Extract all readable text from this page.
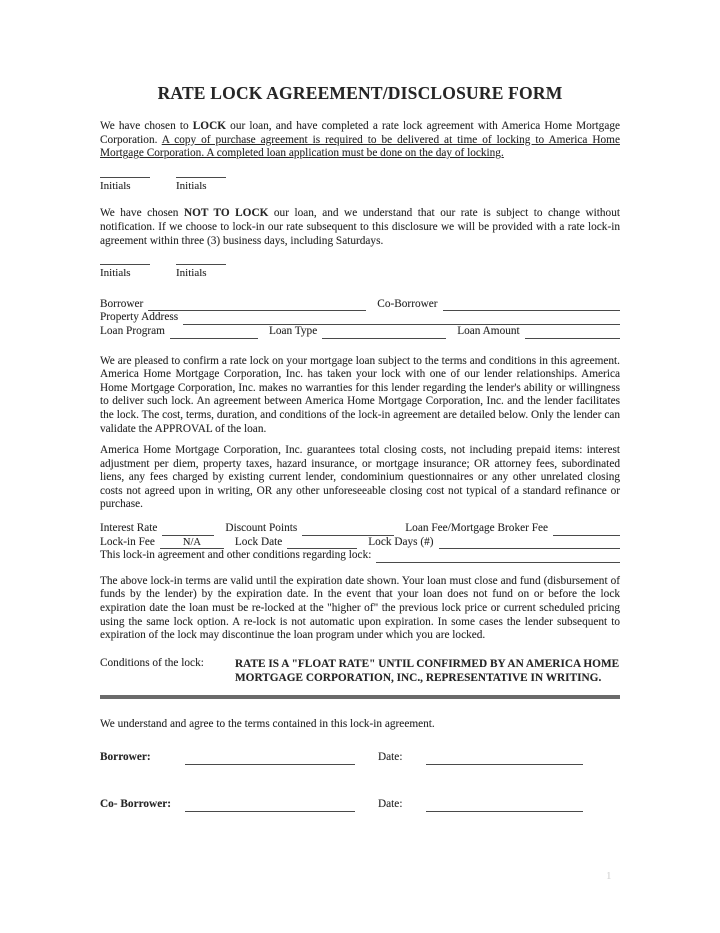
RATE LOCK AGREEMENT/DISCLOSURE FORM

We have chosen to LOCK our loan, and have completed a rate lock agreement with America Home Mortgage Corporation. A copy of purchase agreement is required to be delivered at time of locking to America Home Mortgage Corporation. A completed loan application must be done on the day of locking.

Initials	Initials

We have chosen NOT TO LOCK our loan, and we understand that our rate is subject to change without notification. If we choose to lock-in our rate subsequent to this disclosure we will be provided with a rate lock-in agreement within three (3) business days, including Saturdays.

Initials	Initials
Borrower	Co-Borrower
Property Address
Loan Program	Loan Type	Loan Amount

We are pleased to confirm a rate lock on your mortgage loan subject to the terms and conditions in this agreement. America Home Mortgage Corporation, Inc. has taken your lock with one of our lender relationships. America Home Mortgage Corporation, Inc. makes no warranties for this lender regarding the lender's ability or willingness to deliver such lock. An agreement between America Home Mortgage Corporation, Inc. and the lender facilitates the lock. The cost, terms, duration, and conditions of the lock-in agreement are detailed below. Only the lender can validate the APPROVAL of the loan.

America Home Mortgage Corporation, Inc. guarantees total closing costs, not including prepaid items: interest adjustment per diem, property taxes, hazard insurance, or mortgage insurance; OR attorney fees, subordinated liens, any fees charged by existing current lender, condominium questionnaires or any other unrelated closing costs not agreed upon in writing, OR any other unforeseeable closing cost not typical of a standard refinance or purchase.

Interest Rate	Discount Points	Loan Fee/Mortgage Broker Fee
Lock-in Fee	N/A	Lock Date	Lock Days (#)
This lock-in agreement and other conditions regarding lock:

The above lock-in terms are valid until the expiration date shown. Your loan must close and fund (disbursement of funds by the lender) by the expiration date. In the event that your loan does not fund on or before the lock expiration date the loan must be re-locked at the "higher of" the previous lock price or current scheduled pricing using the same lock option. A re-lock is not automatic upon expiration. In some cases the lender subsequent to expiration of the lock may discontinue the loan program under which you are locked.

Conditions of the lock:	RATE IS A "FLOAT RATE" UNTIL CONFIRMED BY AN AMERICA HOME MORTGAGE CORPORATION, INC., REPRESENTATIVE IN WRITING.

We understand and agree to the terms contained in this lock-in agreement.

Borrower:	Date:
Co- Borrower:	Date:
1
